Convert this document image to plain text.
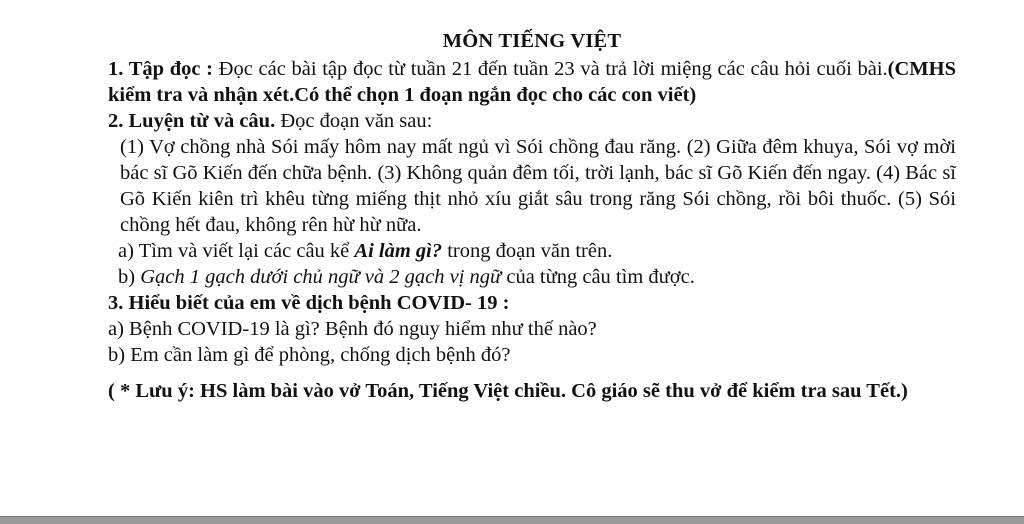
MÔN TIẾNG VIỆT

1. Tập đọc : Đọc các bài tập đọc từ tuần 21 đến tuần 23 và trả lời miệng các câu hỏi cuối bài.(CMHS kiểm tra và nhận xét.Có thể chọn 1 đoạn ngắn đọc cho các con viết)

2. Luyện từ và câu. Đọc đoạn văn sau:

(1) Vợ chồng nhà Sói mấy hôm nay mất ngủ vì Sói chồng đau răng. (2) Giữa đêm khuya, Sói vợ mời bác sĩ Gõ Kiến đến chữa bệnh. (3) Không quản đêm tối, trời lạnh, bác sĩ Gõ Kiến đến ngay. (4) Bác sĩ Gõ Kiến kiên trì khêu từng miếng thịt nhỏ xíu giắt sâu trong răng Sói chồng, rồi bôi thuốc. (5) Sói chồng hết đau, không rên hừ hừ nữa.

a) Tìm và viết lại các câu kể Ai làm gì? trong đoạn văn trên.

b) Gạch 1 gạch dưới chủ ngữ và 2 gạch vị ngữ của từng câu tìm được.

3. Hiểu biết của em về dịch bệnh COVID- 19 :

a) Bệnh COVID-19 là gì? Bệnh đó nguy hiểm như thế nào?

b) Em cần làm gì để phòng, chống dịch bệnh đó?

( * Lưu ý: HS làm bài vào vở Toán, Tiếng Việt chiều. Cô giáo sẽ thu vở để kiểm tra sau Tết.)
